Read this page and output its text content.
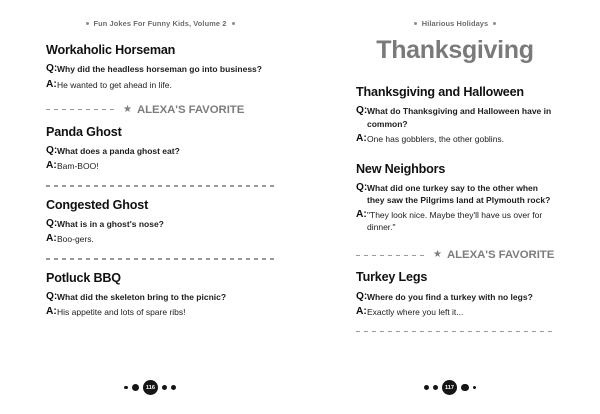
Fun Jokes For Funny Kids, Volume 2
Workaholic Horseman
Q: Why did the headless horseman go into business?
A: He wanted to get ahead in life.
★ ALEXA'S FAVORITE
Panda Ghost
Q: What does a panda ghost eat?
A: Bam-BOO!
Congested Ghost
Q: What is in a ghost's nose?
A: Boo-gers.
Potluck BBQ
Q: What did the skeleton bring to the picnic?
A: His appetite and lots of spare ribs!
116
Hilarious Holidays
Thanksgiving
Thanksgiving and Halloween
Q: What do Thanksgiving and Halloween have in common?
A: One has gobblers, the other goblins.
New Neighbors
Q: What did one turkey say to the other when they saw the Pilgrims land at Plymouth rock?
A: "They look nice. Maybe they'll have us over for dinner."
★ ALEXA'S FAVORITE
Turkey Legs
Q: Where do you find a turkey with no legs?
A: Exactly where you left it...
117
